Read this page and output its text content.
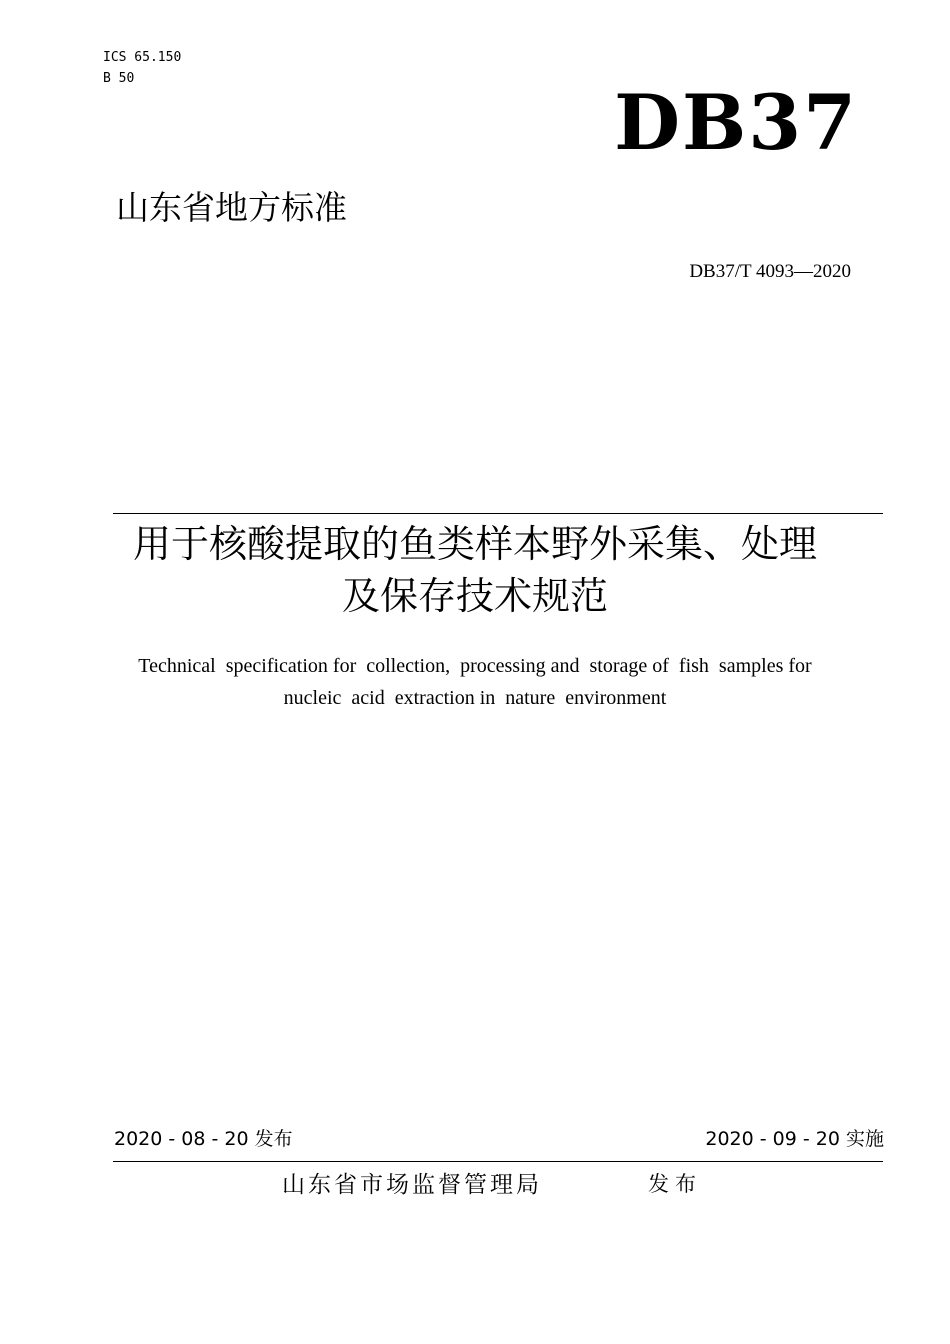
ICS 65.150
B 50	DB37
山东省地方标准
DB37/T 4093—2020
用于核酸提取的鱼类样本野外采集、处理
及保存技术规范
Technical  specification for  collection,  processing and  storage of  fish  samples for
nucleic  acid  extraction in  nature  environment
2020 - 08 - 20 发布	2020 - 09 - 20 实施
山东省市场监督管理局	发布
